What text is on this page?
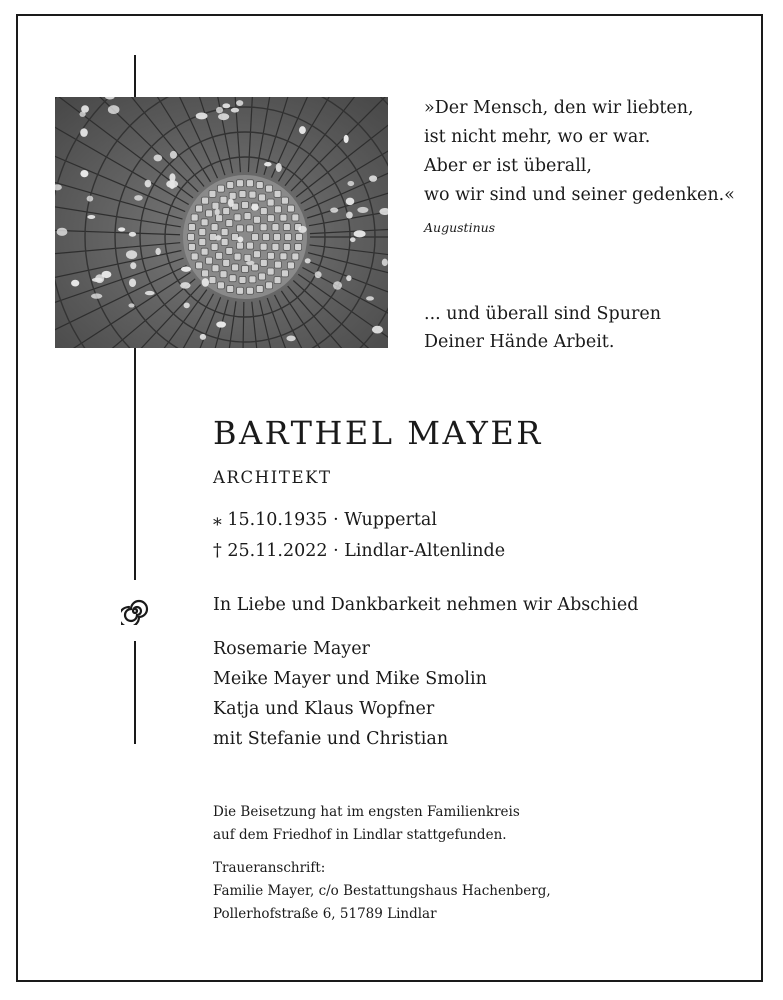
»Der Mensch, den wir liebten,
ist nicht mehr, wo er war.
Aber er ist überall,
wo wir sind und seiner gedenken.«
Augustinus
... und überall sind Spuren
Deiner Hände Arbeit.
BARTHEL MAYER
ARCHITEKT
⁎ 15.10.1935 · Wuppertal
† 25.11.2022 · Lindlar-Altenlinde
In Liebe und Dankbarkeit nehmen wir Abschied
Rosemarie Mayer
Meike Mayer und Mike Smolin
Katja und Klaus Wopfner
mit Stefanie und Christian
Die Beisetzung hat im engsten Familienkreis
auf dem Friedhof in Lindlar stattgefunden.
Traueranschrift:
Familie Mayer, c/o Bestattungshaus Hachenberg,
Pollerhofstraße 6, 51789 Lindlar
